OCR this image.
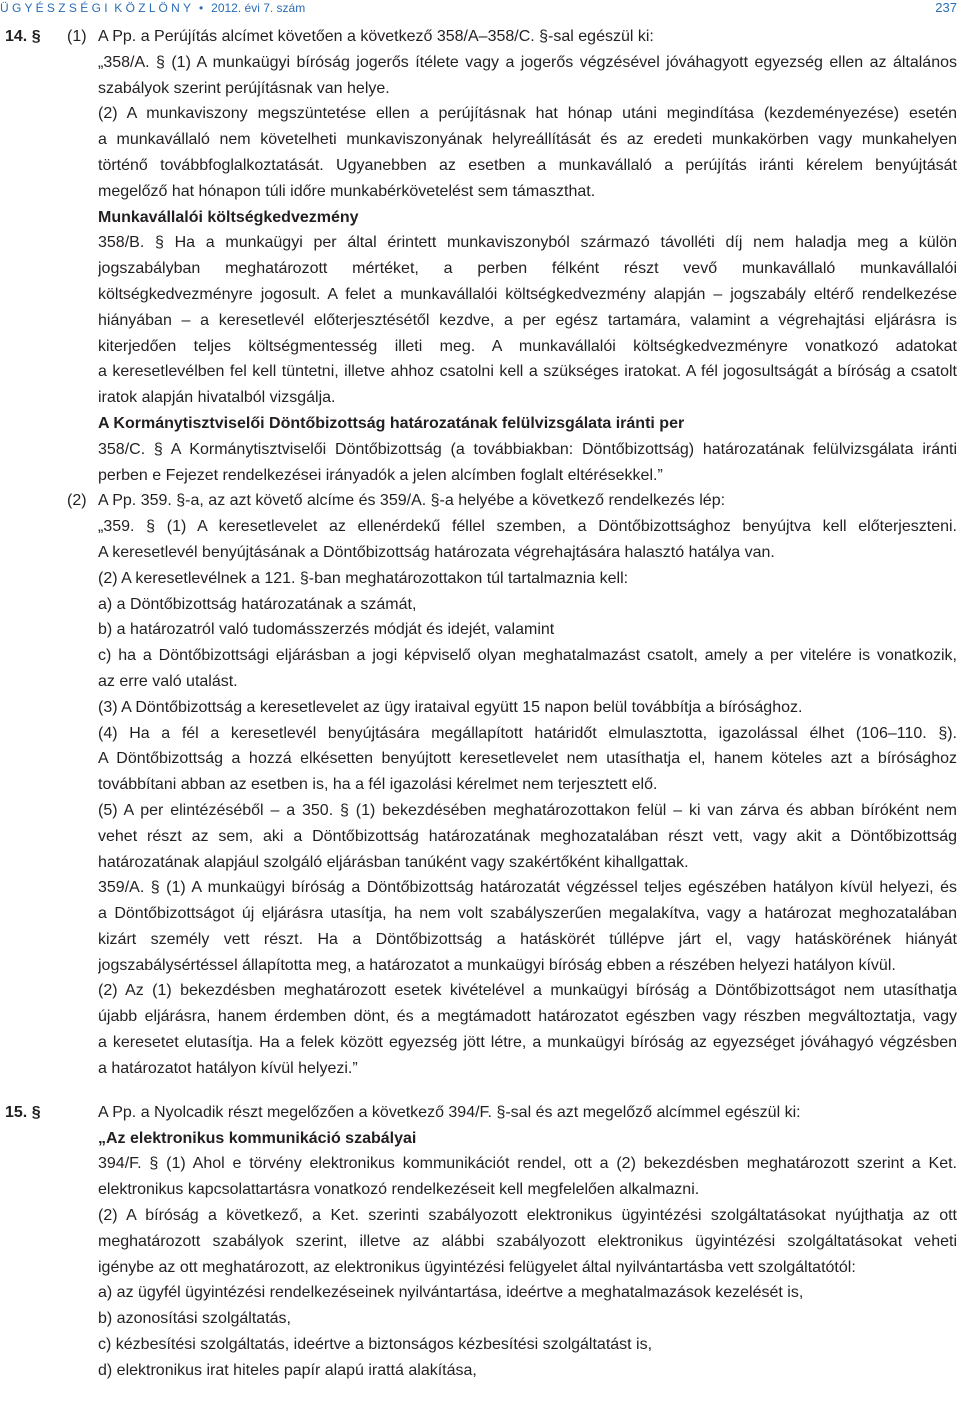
Ü G Y É S Z S É G I  K Ö Z L Ö N Y • 2012. évi 7. szám	237
14. § (1) A Pp. a Perújítás alcímet követően a következő 358/A–358/C. §-sal egészül ki:
„358/A. § (1) A munkaügyi bíróság jogerős ítélete vagy a jogerős végzésével jóváhagyott egyezség ellen az általános
szabályok szerint perújításnak van helye.
(2) A munkaviszony megszüntetése ellen a perújításnak hat hónap utáni megindítása (kezdeményezése) esetén
a munkavállaló nem követelheti munkaviszonyának helyreállítását és az eredeti munkakörben vagy munkahelyen
történő továbbfoglalkoztatását. Ugyanebben az esetben a munkavállaló a perújítás iránti kérelem benyújtását
megelőző hat hónapon túli időre munkabérkövetelést sem támaszthat.
Munkavállalói költségkedvezmény
358/B. § Ha a munkaügyi per által érintett munkaviszonyból származó távolléti díj nem haladja meg a külön
jogszabályban meghatározott mértéket, a perben félként részt vevő munkavállaló munkavállalói
költségkedvezményre jogosult. A felet a munkavállalói költségkedvezmény alapján – jogszabály eltérő rendelkezése
hiányában – a keresetlevél előterjesztésétől kezdve, a per egész tartamára, valamint a végrehajtási eljárásra is
kiterjedően teljes költségmentesség illeti meg. A munkavállalói költségkedvezményre vonatkozó adatokat
a keresetlevélben fel kell tüntetni, illetve ahhoz csatolni kell a szükséges iratokat. A fél jogosultságát a bíróság a csatolt
iratok alapján hivatalból vizsgálja.
A Kormánytisztviselői Döntőbizottság határozatának felülvizsgálata iránti per
358/C. § A Kormánytisztviselői Döntőbizottság (a továbbiakban: Döntőbizottság) határozatának felülvizsgálata iránti
perben e Fejezet rendelkezései irányadók a jelen alcímben foglalt eltérésekkel.”
(2) A Pp. 359. §-a, az azt követő alcíme és 359/A. §-a helyébe a következő rendelkezés lép:
„359. § (1) A keresetlevelet az ellenérdekű féllel szemben, a Döntőbizottsághoz benyújtva kell előterjeszteni.
A keresetlevél benyújtásának a Döntőbizottság határozata végrehajtására halasztó hatálya van.
(2) A keresetlevélnek a 121. §-ban meghatározottakon túl tartalmaznia kell:
a) a Döntőbizottság határozatának a számát,
b) a határozatról való tudomásszerzés módját és idejét, valamint
c) ha a Döntőbizottsági eljárásban a jogi képviselő olyan meghatalmazást csatolt, amely a per vitelére is vonatkozik,
az erre való utalást.
(3) A Döntőbizottság a keresetlevelet az ügy irataival együtt 15 napon belül továbbítja a bírósághoz.
(4) Ha a fél a keresetlevél benyújtására megállapított határidőt elmulasztotta, igazolással élhet (106–110. §).
A Döntőbizottság a hozzá elkésetten benyújtott keresetlevelet nem utasíthatja el, hanem köteles azt a bírósághoz
továbbítani abban az esetben is, ha a fél igazolási kérelmet nem terjesztett elő.
(5) A per elintézéséből – a 350. § (1) bekezdésében meghatározottakon felül – ki van zárva és abban bíróként nem
vehet részt az sem, aki a Döntőbizottság határozatának meghozatalában részt vett, vagy akit a Döntőbizottság
határozatának alapjául szolgáló eljárásban tanúként vagy szakértőként kihallgattak.
359/A. § (1) A munkaügyi bíróság a Döntőbizottság határozatát végzéssel teljes egészében hatályon kívül helyezi, és
a Döntőbizottságot új eljárásra utasítja, ha nem volt szabályszerűen megalakítva, vagy a határozat meghozatalában
kizárt személy vett részt. Ha a Döntőbizottság a hatáskörét túllépve járt el, vagy hatáskörének hiányát
jogszabálysértéssel állapította meg, a határozatot a munkaügyi bíróság ebben a részében helyezi hatályon kívül.
(2) Az (1) bekezdésben meghatározott esetek kivételével a munkaügyi bíróság a Döntőbizottságot nem utasíthatja
újabb eljárásra, hanem érdemben dönt, és a megtámadott határozatot egészben vagy részben megváltoztatja, vagy
a keresetet elutasítja. Ha a felek között egyezség jött létre, a munkaügyi bíróság az egyezséget jóváhagyó végzésben
a határozatot hatályon kívül helyezi.”
15. §	A Pp. a Nyolcadik részt megelőzően a következő 394/F. §-sal és azt megelőző alcímmel egészül ki:
„Az elektronikus kommunikáció szabályai
394/F. § (1) Ahol e törvény elektronikus kommunikációt rendel, ott a (2) bekezdésben meghatározott szerint a Ket.
elektronikus kapcsolattartásra vonatkozó rendelkezéseit kell megfelelően alkalmazni.
(2) A bíróság a következő, a Ket. szerinti szabályozott elektronikus ügyintézési szolgáltatásokat nyújthatja az ott
meghatározott szabályok szerint, illetve az alábbi szabályozott elektronikus ügyintézési szolgáltatásokat veheti
igénybe az ott meghatározott, az elektronikus ügyintézési felügyelet által nyilvántartásba vett szolgáltatótól:
a) az ügyfél ügyintézési rendelkezéseinek nyilvántartása, ideértve a meghatalmazások kezelését is,
b) azonosítási szolgáltatás,
c) kézbesítési szolgáltatás, ideértve a biztonságos kézbesítési szolgáltatást is,
d) elektronikus irat hiteles papír alapú irattá alakítása,
